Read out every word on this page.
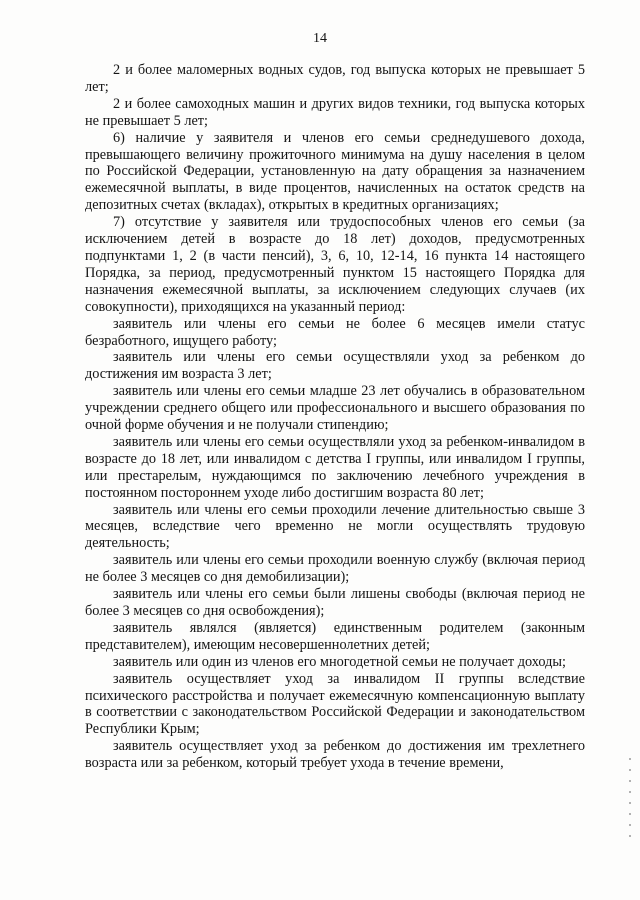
14

2 и более маломерных водных судов, год выпуска которых не превышает 5 лет;

2 и более самоходных машин и других видов техники, год выпуска которых не превышает 5 лет;

6) наличие у заявителя и членов его семьи среднедушевого дохода, превышающего величину прожиточного минимума на душу населения в целом по Российской Федерации, установленную на дату обращения за назначением ежемесячной выплаты, в виде процентов, начисленных на остаток средств на депозитных счетах (вкладах), открытых в кредитных организациях;

7) отсутствие у заявителя или трудоспособных членов его семьи (за исключением детей в возрасте до 18 лет) доходов, предусмотренных подпунктами 1, 2 (в части пенсий), 3, 6, 10, 12-14, 16 пункта 14 настоящего Порядка, за период, предусмотренный пунктом 15 настоящего Порядка для назначения ежемесячной выплаты, за исключением следующих случаев (их совокупности), приходящихся на указанный период:

заявитель или члены его семьи не более 6 месяцев имели статус безработного, ищущего работу;

заявитель или члены его семьи осуществляли уход за ребенком до достижения им возраста 3 лет;

заявитель или члены его семьи младше 23 лет обучались в образовательном учреждении среднего общего или профессионального и высшего образования по очной форме обучения и не получали стипендию;

заявитель или члены его семьи осуществляли уход за ребенком-инвалидом в возрасте до 18 лет, или инвалидом с детства I группы, или инвалидом I группы, или престарелым, нуждающимся по заключению лечебного учреждения в постоянном постороннем уходе либо достигшим возраста 80 лет;

заявитель или члены его семьи проходили лечение длительностью свыше 3 месяцев, вследствие чего временно не могли осуществлять трудовую деятельность;

заявитель или члены его семьи проходили военную службу (включая период не более 3 месяцев со дня демобилизации);

заявитель или члены его семьи были лишены свободы (включая период не более 3 месяцев со дня освобождения);

заявитель являлся (является) единственным родителем (законным представителем), имеющим несовершеннолетних детей;

заявитель или один из членов его многодетной семьи не получает доходы;

заявитель осуществляет уход за инвалидом II группы вследствие психического расстройства и получает ежемесячную компенсационную выплату в соответствии с законодательством Российской Федерации и законодательством Республики Крым;

заявитель осуществляет уход за ребенком до достижения им трехлетнего возраста или за ребенком, который требует ухода в течение времени,
